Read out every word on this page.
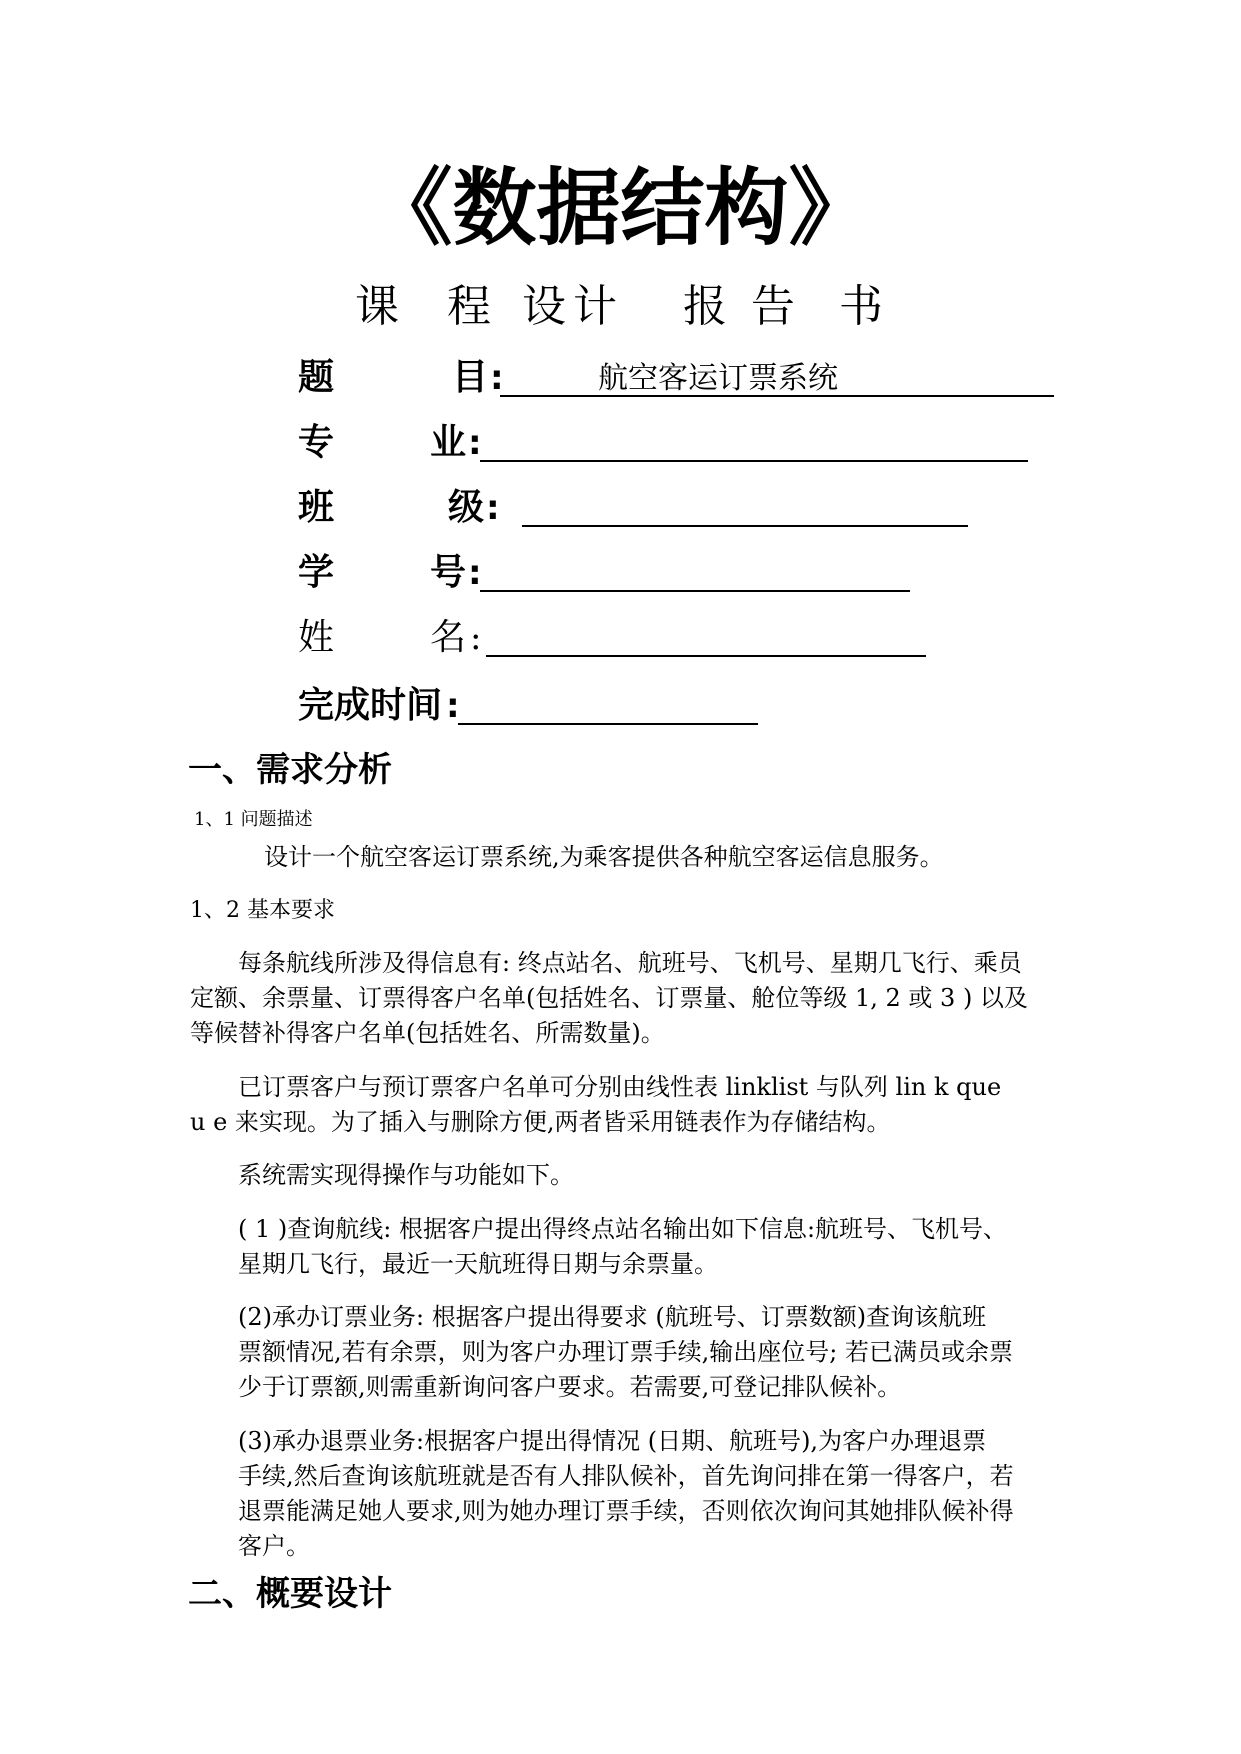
《数据结构》
课 程 设 计 报 告 书
题	目 :	航空客运订票系统
专	业 :
班	级 :
学	号 :
姓	名 :
完成时间 :
一、需求分析
1、1 问题描述
设计一个航空客运订票系统,为乘客提供各种航空客运信息服务。
1、2 基本要求
每条航线所涉及得信息有: 终点站名、航班号、飞机号、星期几飞行、乘员
定额、余票量、订票得客户名单(包括姓名、订票量、舱位等级 1, 2 或 3 ) 以及
等候替补得客户名单(包括姓名、所需数量)。
已订票客户与预订票客户名单可分别由线性表 linklist 与队列 lin k que
u e 来实现。为了插入与删除方便,两者皆采用链表作为存储结构。
系统需实现得操作与功能如下。
( 1 )查询航线: 根据客户提出得终点站名输出如下信息:航班号、飞机号、
星期几飞行，最近一天航班得日期与余票量。
(2)承办订票业务: 根据客户提出得要求 (航班号、订票数额)查询该航班
票额情况,若有余票，则为客户办理订票手续,输出座位号; 若已满员或余票
少于订票额,则需重新询问客户要求。若需要,可登记排队候补。
(3)承办退票业务:根据客户提出得情况 (日期、航班号),为客户办理退票
手续,然后查询该航班就是否有人排队候补，首先询问排在第一得客户，若
退票能满足她人要求,则为她办理订票手续，否则依次询问其她排队候补得
客户。
二、概要设计
